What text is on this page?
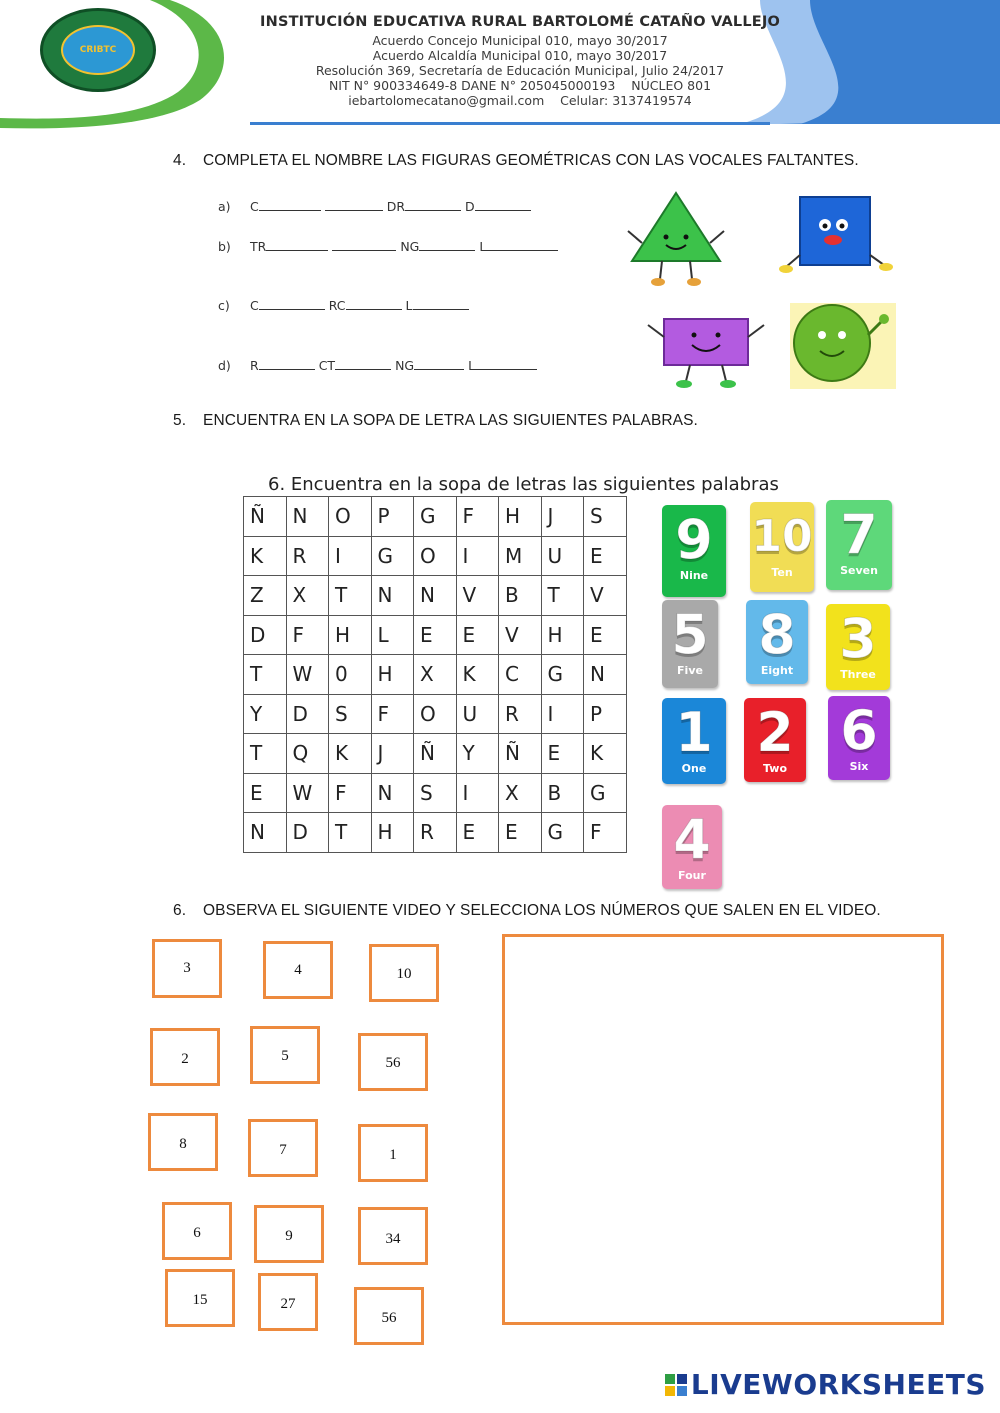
CRIBTC
INSTITUCIÓN EDUCATIVA RURAL BARTOLOMÉ CATAÑO VALLEJO
Acuerdo Concejo Municipal 010, mayo 30/2017
Acuerdo Alcaldía Municipal 010, mayo 30/2017
Resolución 369, Secretaría de Educación Municipal, Julio 24/2017
NIT N° 900334649-8 DANE N° 205045000193    NÚCLEO 801
iebartolomecatano@gmail.com    Celular: 3137419574
4. COMPLETA EL NOMBRE LAS FIGURAS GEOMÉTRICAS CON LAS VOCALES FALTANTES.
a) C	DR	D
b) TR	NG	L
c) C	RC	L
d) R	CT	NG	L
5. ENCUENTRA EN LA SOPA DE LETRA LAS SIGUIENTES PALABRAS.
6. Encuentra en la sopa de letras las siguientes palabras
Ñ	N	O	P	G	F	H	J	S
K	R	I	G	O	I	M	U	E
Z	X	T	N	N	V	B	T	V
D	F	H	L	E	E	V	H	E
T	W	0	H	X	K	C	G	N
Y	D	S	F	O	U	R	I	P
T	Q	K	J	Ñ	Y	Ñ	E	K
E	W	F	N	S	I	X	B	G
N	D	T	H	R	E	E	G	F
9
Nine
10
Ten
7
Seven
5
Five
8
Eight
3
Three
1
One
2
Two
6
Six
4
Four
6. OBSERVA EL SIGUIENTE VIDEO Y SELECCIONA LOS NÚMEROS QUE SALEN EN EL VIDEO.
3	4	10
2	5	56
8	7	1
6	9	34
15	27
56
LIVEWORKSHEETS
